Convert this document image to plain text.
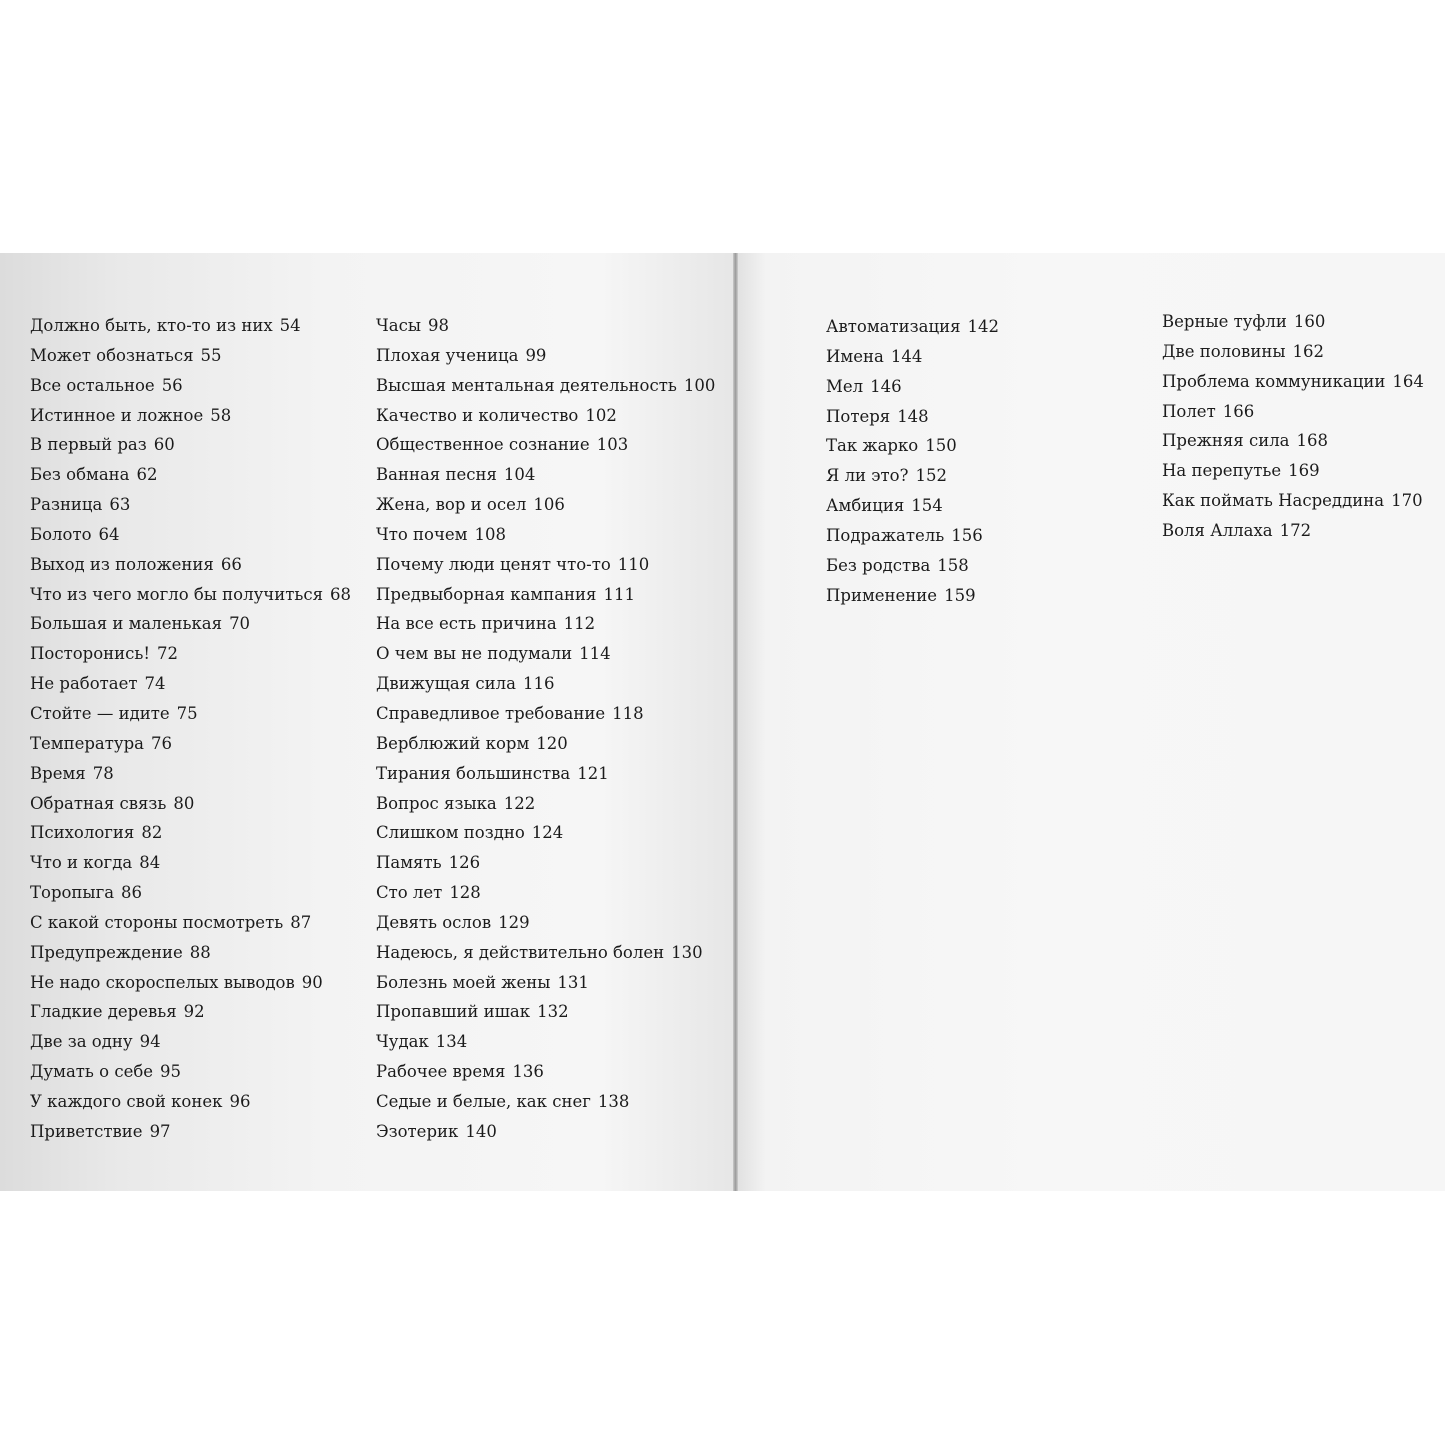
Должно быть, кто-то из них 54
Может обознаться 55
Все остальное 56
Истинное и ложное 58
В первый раз 60
Без обмана 62
Разница 63
Болото 64
Выход из положения 66
Что из чего могло бы получиться 68
Большая и маленькая 70
Посторонись! 72
Не работает 74
Стойте — идите 75
Температура 76
Время 78
Обратная связь 80
Психология 82
Что и когда 84
Торопыга 86
С какой стороны посмотреть 87
Предупреждение 88
Не надо скороспелых выводов 90
Гладкие деревья 92
Две за одну 94
Думать о себе 95
У каждого свой конек 96
Приветствие 97
Часы 98
Плохая ученица 99
Высшая ментальная деятельность 100
Качество и количество 102
Общественное сознание 103
Ванная песня 104
Жена, вор и осел 106
Что почем 108
Почему люди ценят что-то 110
Предвыборная кампания 111
На все есть причина 112
О чем вы не подумали 114
Движущая сила 116
Справедливое требование 118
Верблюжий корм 120
Тирания большинства 121
Вопрос языка 122
Слишком поздно 124
Память 126
Сто лет 128
Девять ослов 129
Надеюсь, я действительно болен 130
Болезнь моей жены 131
Пропавший ишак 132
Чудак 134
Рабочее время 136
Седые и белые, как снег 138
Эзотерик 140
Автоматизация 142
Имена 144
Мел 146
Потеря 148
Так жарко 150
Я ли это? 152
Амбиция 154
Подражатель 156
Без родства 158
Применение 159
Верные туфли 160
Две половины 162
Проблема коммуникации 164
Полет 166
Прежняя сила 168
На перепутье 169
Как поймать Насреддина 170
Воля Аллаха 172
